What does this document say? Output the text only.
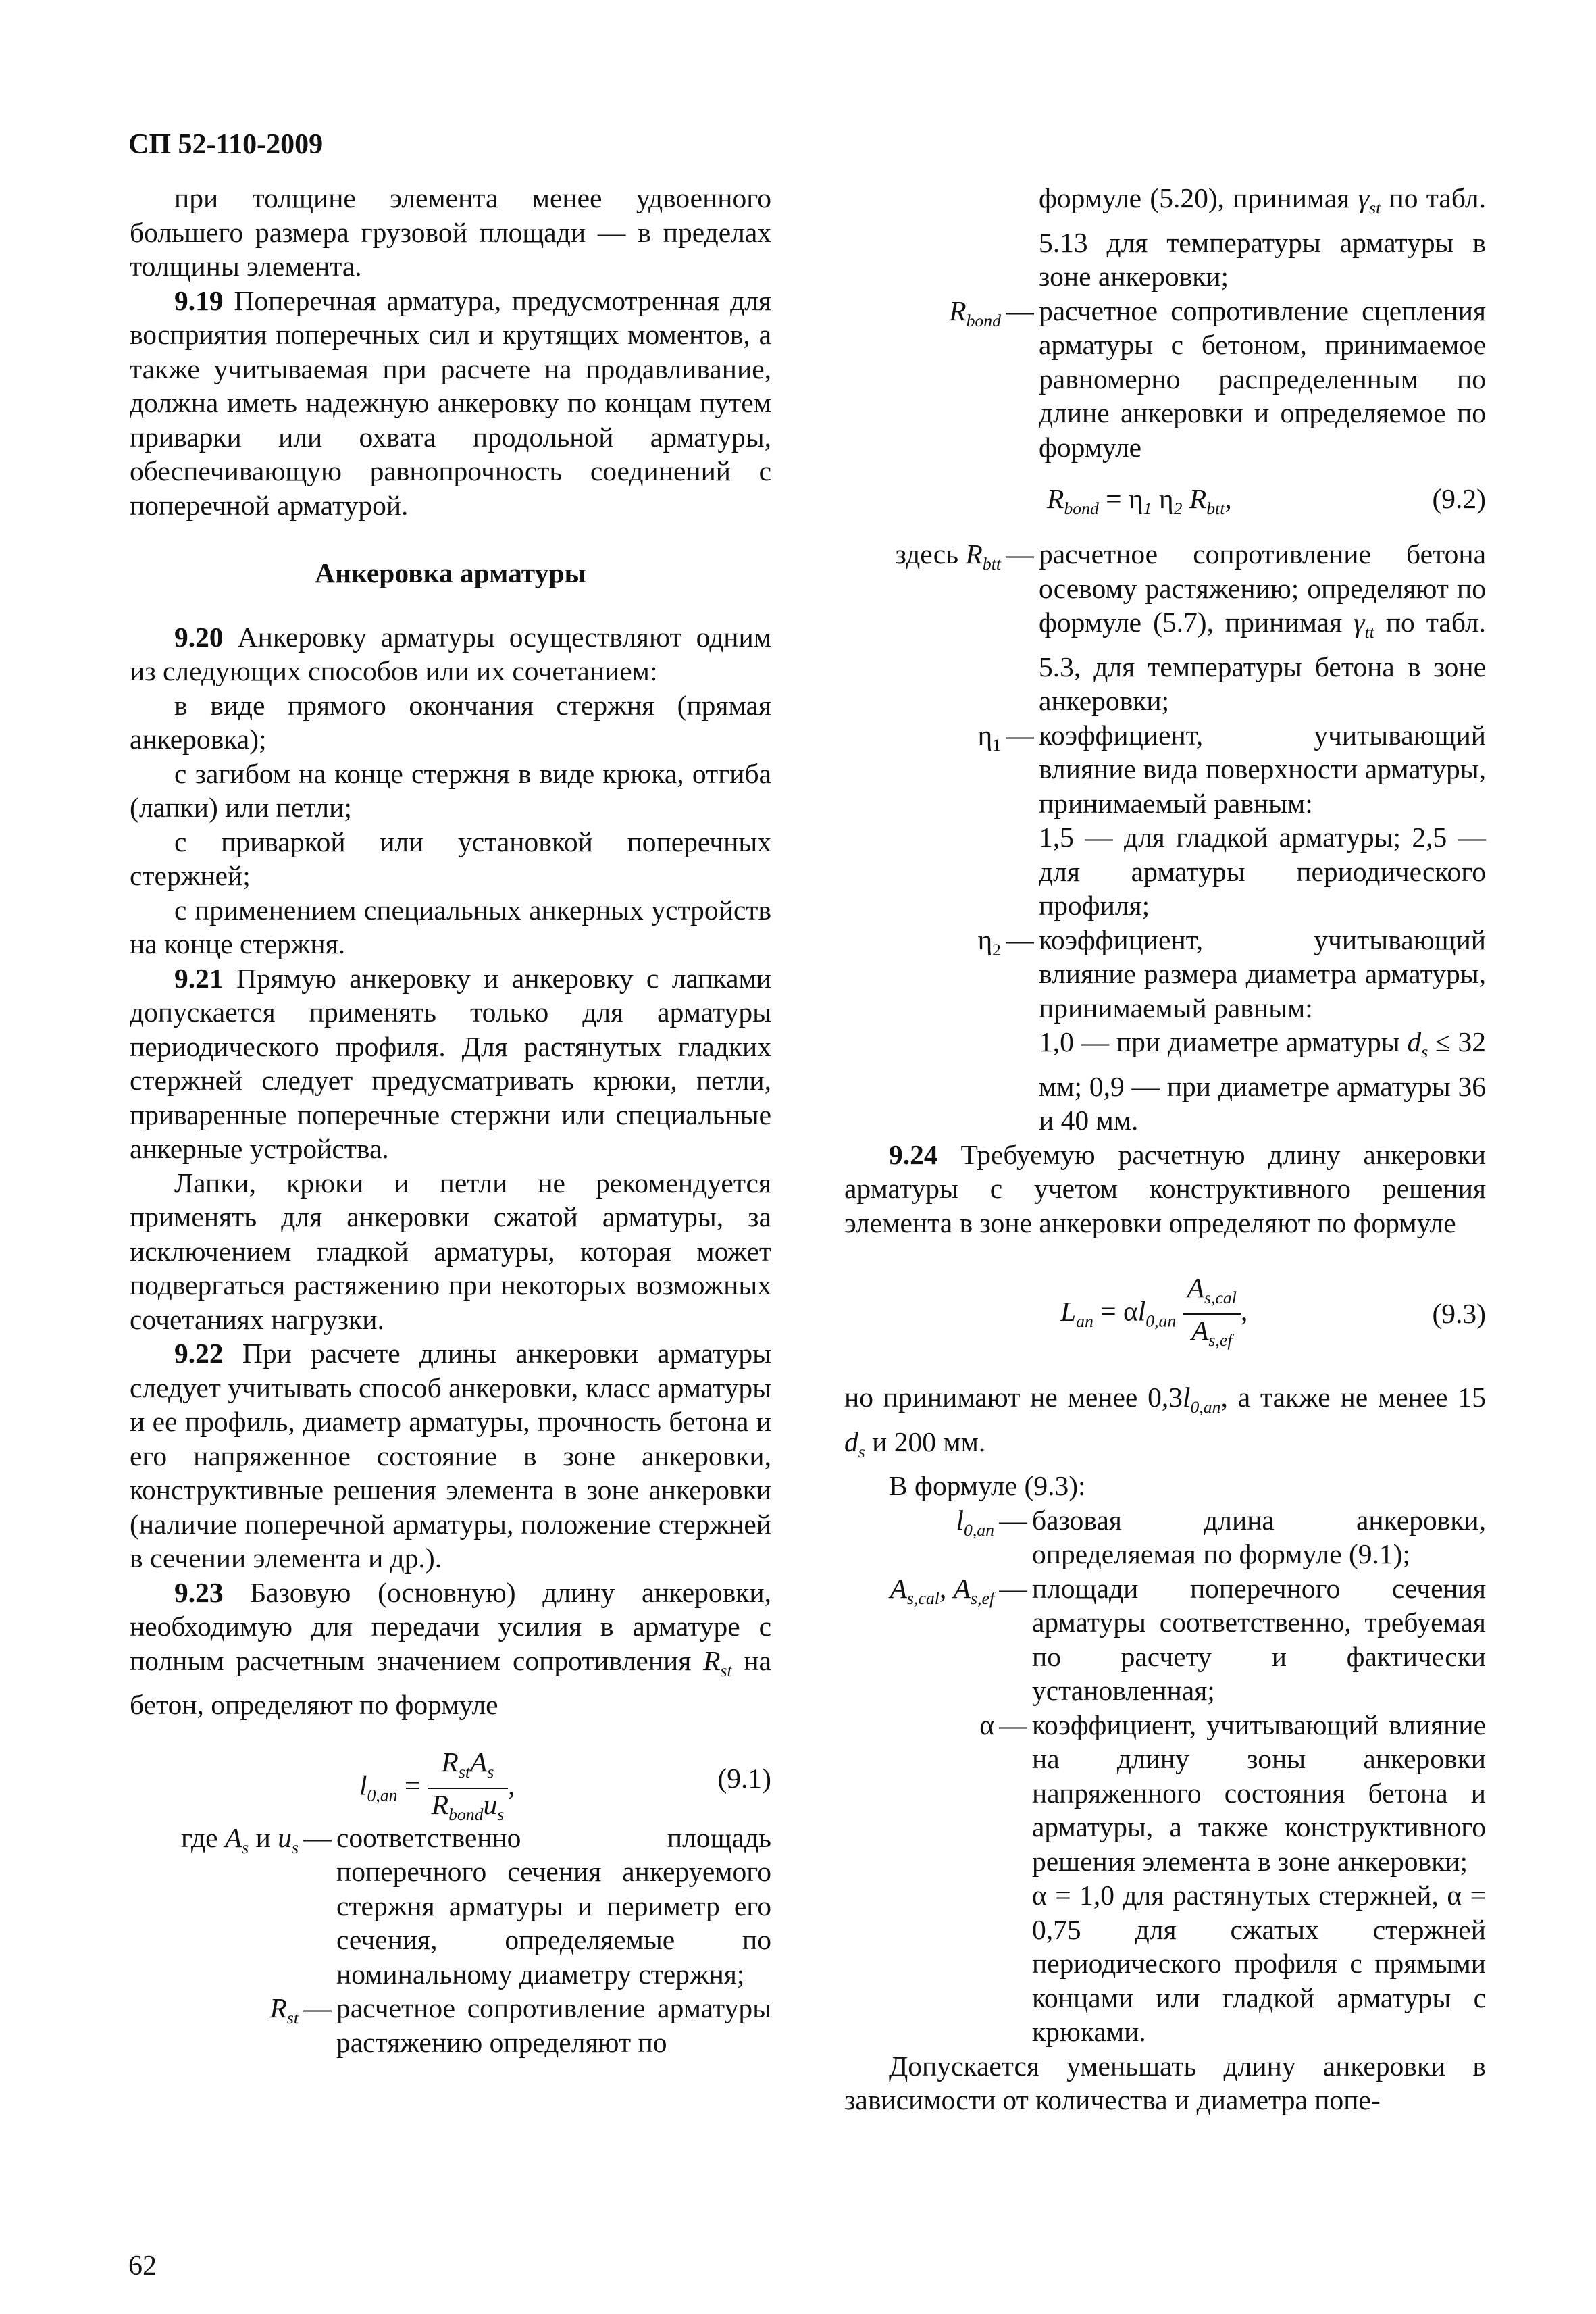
СП 52-110-2009

при толщине элемента менее удвоенного большего размера грузовой площади — в пределах толщины элемента.

9.19 Поперечная арматура, предусмотренная для восприятия поперечных сил и крутящих моментов, а также учитываемая при расчете на продавливание, должна иметь надежную анкеровку по концам путем приварки или охвата продольной арматуры, обеспечивающую равнопрочность соединений с поперечной арматурой.

Анкеровка арматуры

9.20 Анкеровку арматуры осуществляют одним из следующих способов или их сочетанием:

в виде прямого окончания стержня (прямая анкеровка);

с загибом на конце стержня в виде крюка, отгиба (лапки) или петли;

с приваркой или установкой поперечных стержней;

с применением специальных анкерных устройств на конце стержня.

9.21 Прямую анкеровку и анкеровку с лапками допускается применять только для арматуры периодического профиля. Для растянутых гладких стержней следует предусматривать крюки, петли, приваренные поперечные стержни или специальные анкерные устройства.

Лапки, крюки и петли не рекомендуется применять для анкеровки сжатой арматуры, за исключением гладкой арматуры, которая может подвергаться растяжению при некоторых возможных сочетаниях нагрузки.

9.22 При расчете длины анкеровки арматуры следует учитывать способ анкеровки, класс арматуры и ее профиль, диаметр арматуры, прочность бетона и его напряженное состояние в зоне анкеровки, конструктивные решения элемента в зоне анкеровки (наличие поперечной арматуры, положение стержней в сечении элемента и др.).

9.23 Базовую (основную) длину анкеровки, необходимую для передачи усилия в арматуре с полным расчетным значением сопротивления $R_{st}$ на бетон, определяют по формуле

$l_{0,an} = \frac{R_{st}A_s}{R_{bond}u_s}$ ,	(9.1)
где $A_s$ и $u_s$ — соответственно площадь поперечного сечения анкеруемого стержня арматуры и периметр его сечения, определяемые по номинальному диаметру стержня;
$R_{st}$ — расчетное сопротивление арматуры растяжению определяют по
формуле (5.20), принимая $\gamma_{st}$ по табл. 5.13 для температуры арматуры в зоне анкеровки;
$R_{bond}$ — расчетное сопротивление сцепления арматуры с бетоном, принимаемое равномерно распределенным по длине анкеровки и определяемое по формуле
$R_{bond} = \eta_1$ $\eta_2$ $R_{btt}$,	(9.2)
здесь $R_{btt}$ — расчетное сопротивление бетона осевому растяжению; определяют по формуле (5.7), принимая $\gamma_{tt}$ по табл. 5.3, для температуры бетона в зоне анкеровки;
$\eta_1$ — коэффициент, учитывающий влияние вида поверхности арматуры, принимаемый равным:
1,5 — для гладкой арматуры; 2,5 — для арматуры периодического профиля;
$\eta_2$ — коэффициент, учитывающий влияние размера диаметра арматуры, принимаемый равным:
1,0 — при диаметре арматуры $d_s \le 32$ мм; 0,9 — при диаметре арматуры 36 и 40 мм.

9.24 Требуемую расчетную длину анкеровки арматуры с учетом конструктивного решения элемента в зоне анкеровки определяют по формуле

$L_{an} = \alpha l_{0,an} \frac{A_{s,cal}}{A_{s,ef}}$ ,	(9.3)

но принимают не менее $0,3l_{0,an}$, а также не менее 15 $d_s$ и 200 мм.

В формуле (9.3):

$l_{0,an}$ — базовая длина анкеровки, определяемая по формуле (9.1);
$A_{s,cal}$, $A_{s,ef}$ — площади поперечного сечения арматуры соответственно, требуемая по расчету и фактически установленная;
α — коэффициент, учитывающий влияние на длину зоны анкеровки напряженного состояния бетона и арматуры, а также конструктивного решения элемента в зоне анкеровки;
α = 1,0 для растянутых стержней, α = 0,75 для сжатых стержней периодического профиля с прямыми концами или гладкой арматуры с крюками.

Допускается уменьшать длину анкеровки в зависимости от количества и диаметра попе-

62
